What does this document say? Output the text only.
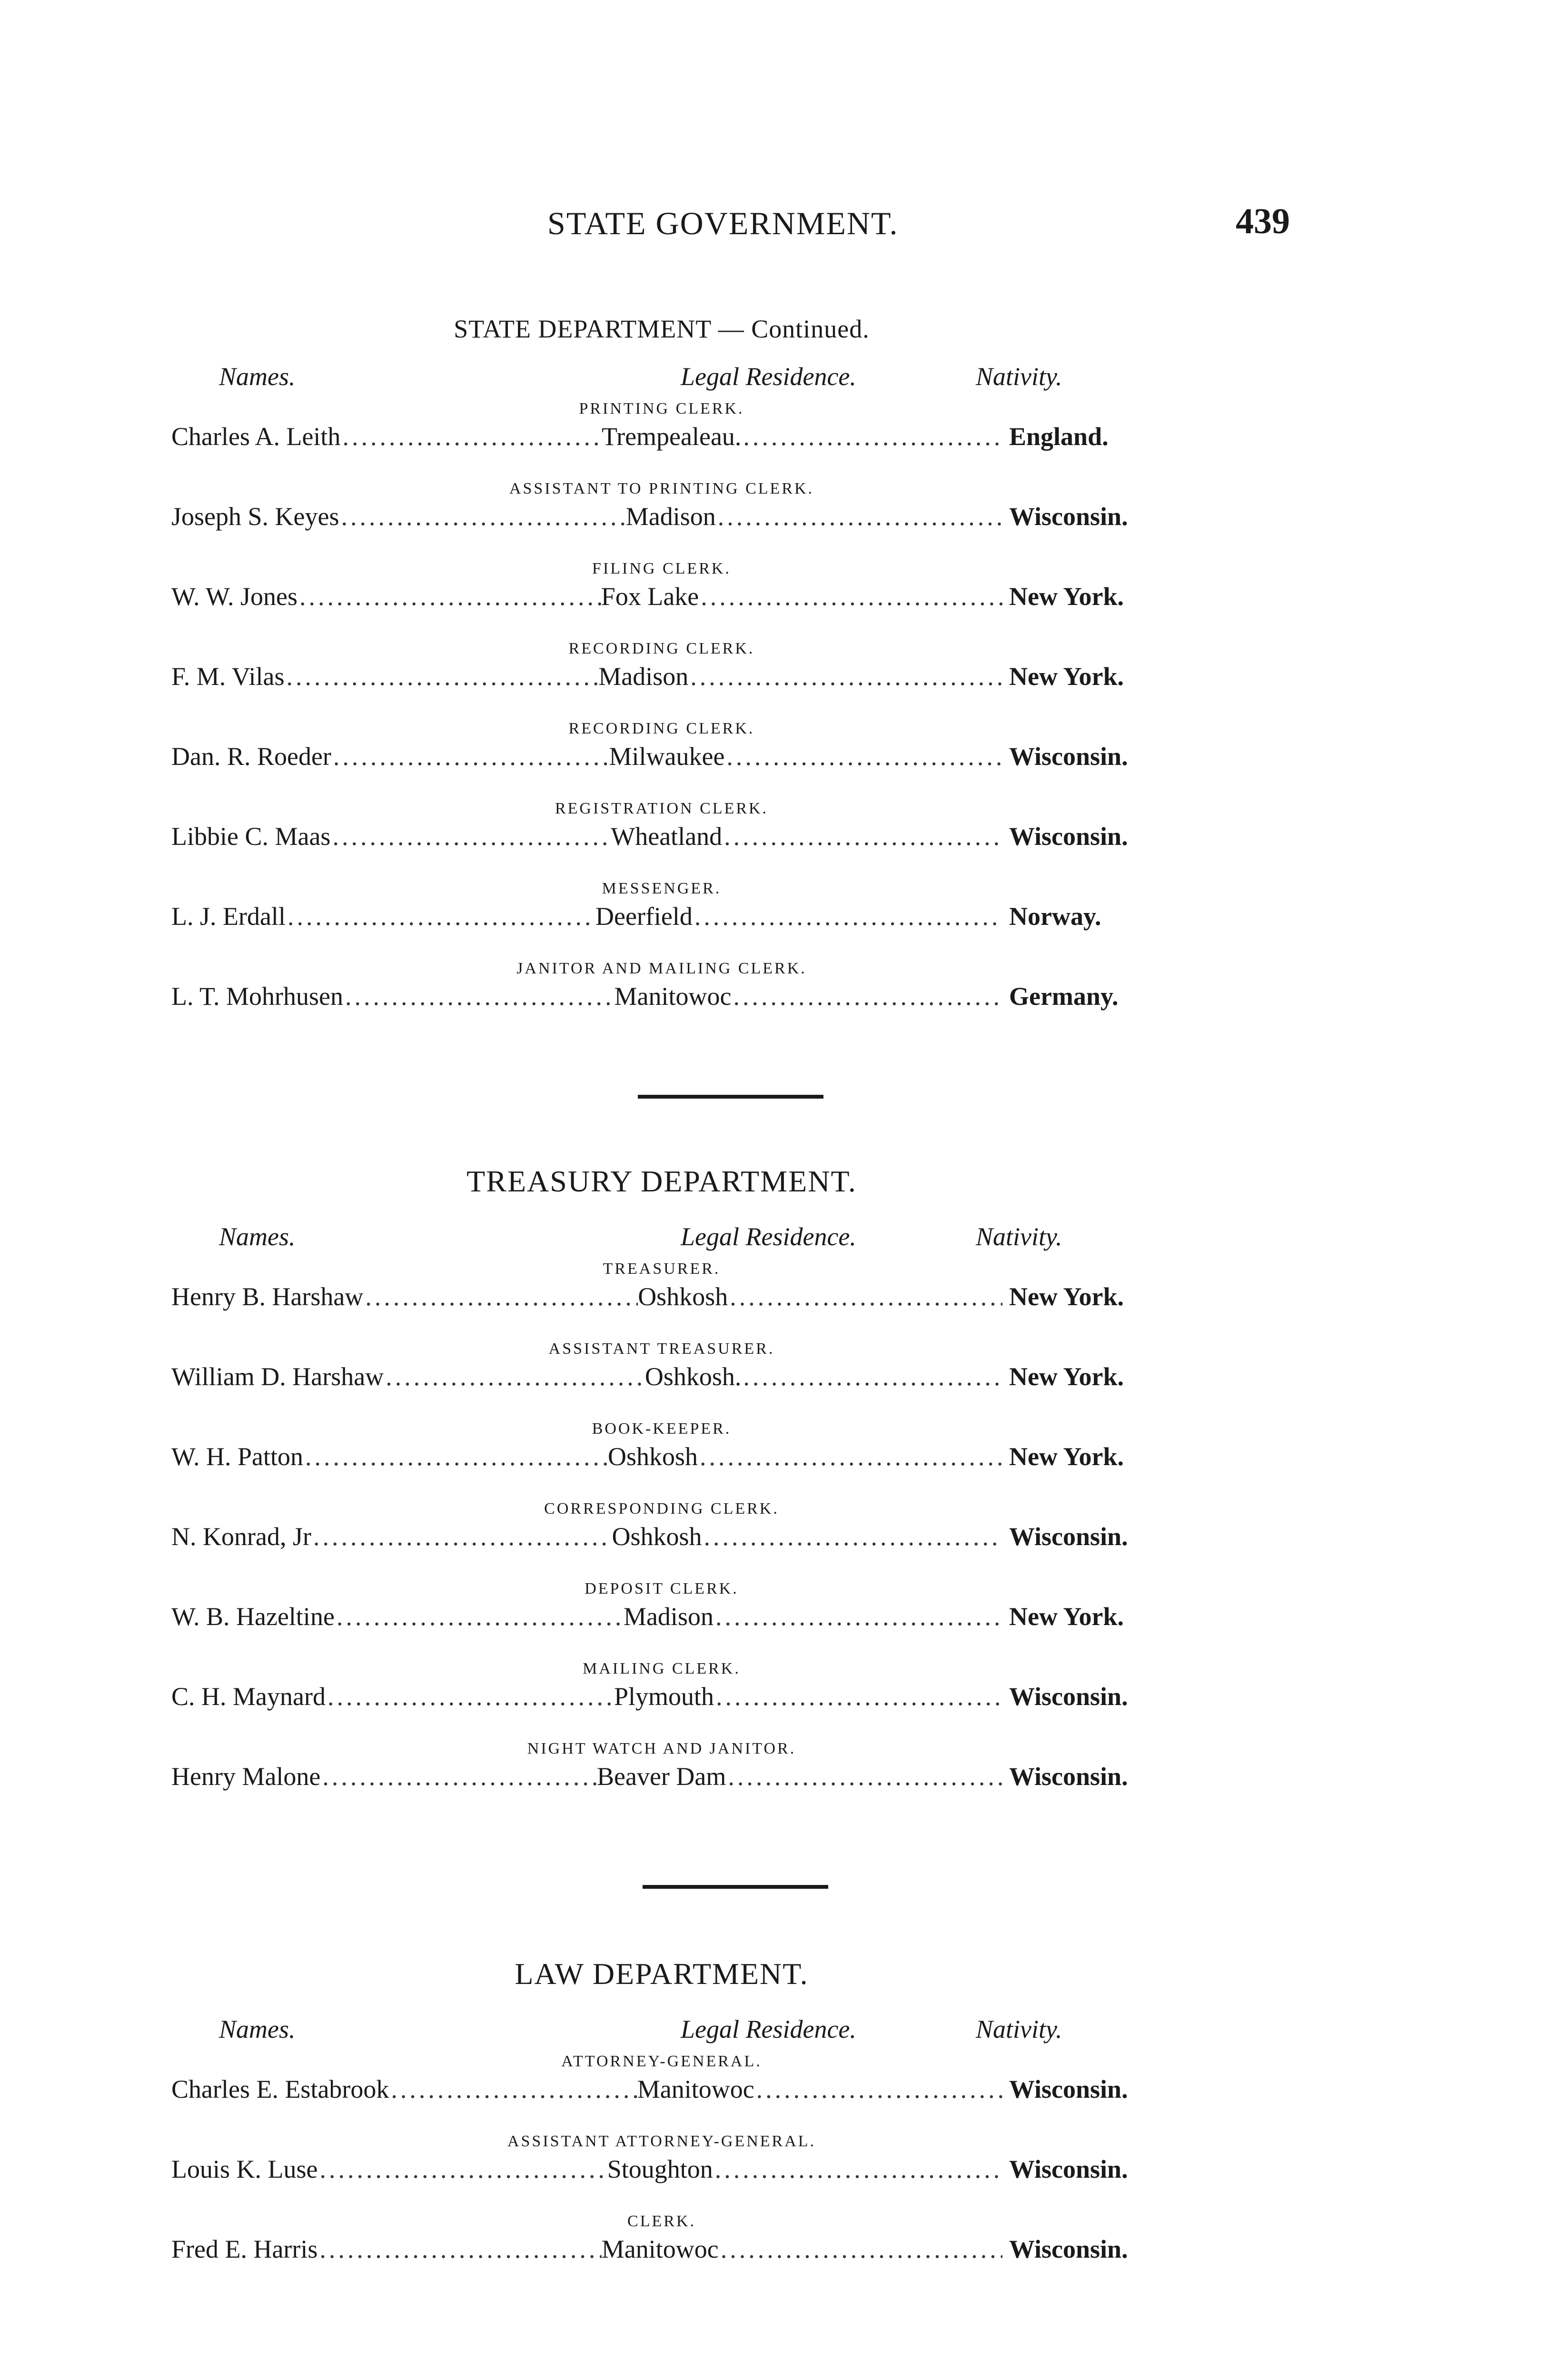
STATE GOVERNMENT.	439
STATE DEPARTMENT — Continued.
Names.	Legal Residence.	Nativity.
PRINTING CLERK.
Charles A. Leith .....	Trempealeau. .....	England.
ASSISTANT TO PRINTING CLERK.
Joseph S. Keyes .....	Madison .....	Wisconsin.
FILING CLERK.
W. W. Jones .....	Fox Lake .....	New York.
RECORDING CLERK.
F. M. Vilas .....	Madison .....	New York.
RECORDING CLERK.
Dan. R. Roeder .....	Milwaukee .....	Wisconsin.
REGISTRATION CLERK.
Libbie C. Maas .....	Wheatland .....	Wisconsin.
MESSENGER.
L. J. Erdall .....	Deerfield .....	Norway.
JANITOR AND MAILING CLERK.
L. T. Mohrhusen .....	Manitowoc .....	Germany.
TREASURY DEPARTMENT.
Names.	Legal Residence.	Nativity.
TREASURER.
Henry B. Harshaw .....	Oshkosh .....	New York.
ASSISTANT TREASURER.
William D. Harshaw .....	Oshkosh. .....	New York.
BOOK-KEEPER.
W. H. Patton .....	Oshkosh .....	New York.
CORRESPONDING CLERK.
N. Konrad, Jr .....	Oshkosh .....	Wisconsin.
DEPOSIT CLERK.
W. B. Hazeltine .....	Madison .....	New York.
MAILING CLERK.
C. H. Maynard .....	Plymouth .....	Wisconsin.
NIGHT WATCH AND JANITOR.
Henry Malone .....	Beaver Dam .....	Wisconsin.
LAW DEPARTMENT.
Names.	Legal Residence.	Nativity.
ATTORNEY-GENERAL.
Charles E. Estabrook .....	Manitowoc .....	Wisconsin.
ASSISTANT ATTORNEY-GENERAL.
Louis K. Luse .....	Stoughton .....	Wisconsin.
CLERK.
Fred E. Harris .....	Manitowoc .....	Wisconsin.
